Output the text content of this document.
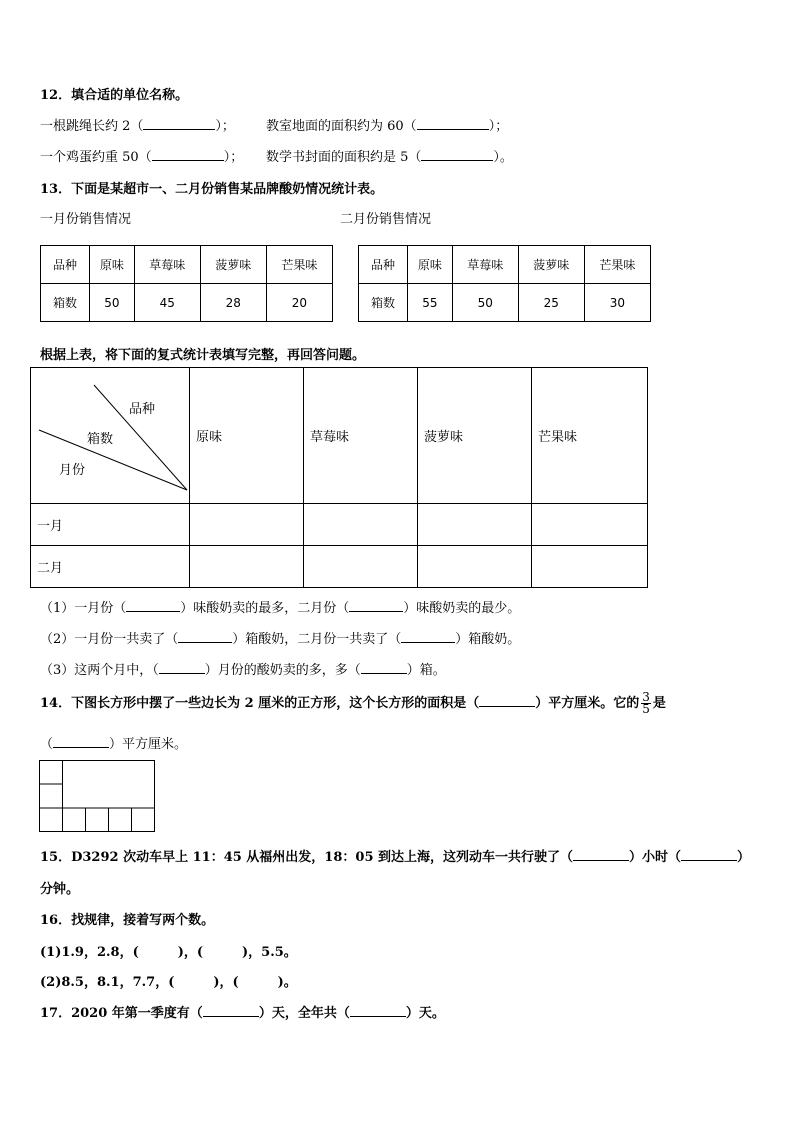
12．填合适的单位名称。
一根跳绳长约 2（	）； 教室地面的面积约为 60（	）；
一个鸡蛋约重 50（	）； 数学书封面的面积约是 5（	）。
13．下面是某超市一、二月份销售某品牌酸奶情况统计表。
一月份销售情况	二月份销售情况
品种	原味	草莓味	菠萝味	芒果味
箱数	50	45	28	20
品种	原味	草莓味	菠萝味	芒果味
箱数	55	50	25	30
根据上表，将下面的复式统计表填写完整，再回答问题。
品种
箱数
月份	原味	草莓味	菠萝味	芒果味
一月				
二月				
（1）一月份（	）味酸奶卖的最多，二月份（	）味酸奶卖的最少。
（2）一月份一共卖了（	）箱酸奶，二月份一共卖了（	）箱酸奶。
（3）这两个月中，（	）月份的酸奶卖的多，多（	）箱。
14．下图长方形中摆了一些边长为 2 厘米的正方形，这个长方形的面积是（	）平方厘米。它的 $\frac{3}{5}$ 是
（	）平方厘米。
15．D3292 次动车早上 11：45 从福州出发，18：05 到达上海，这列动车一共行驶了（	）小时（	）
分钟。
16．找规律，接着写两个数。
(1)1.9，2.8，(　　　)，(　　　)，5.5。
(2)8.5，8.1，7.7，(　　　)，(　　　)。
17．2020 年第一季度有（	）天，全年共（	）天。
